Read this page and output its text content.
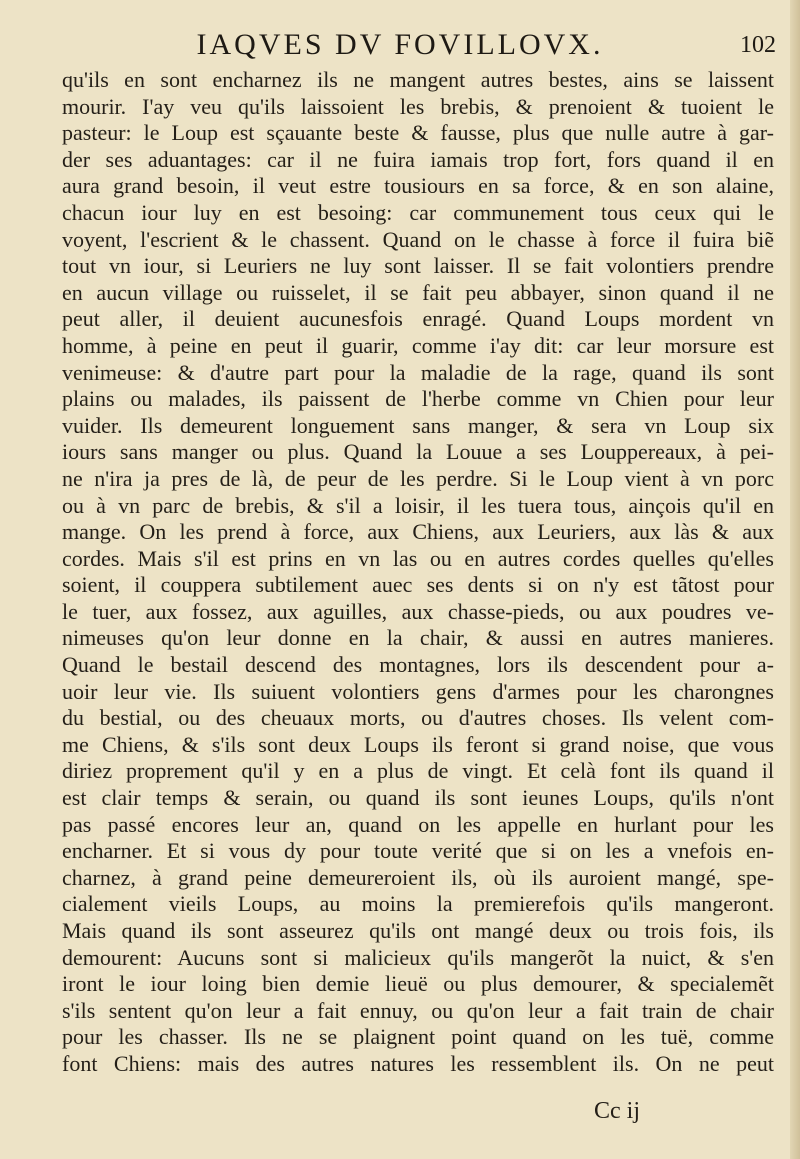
IAQVES DV FOVILLOVX.	102
qu'ils en sont encharnez ils ne mangent autres bestes, ains se laissent
mourir. I'ay veu qu'ils laissoient les brebis, & prenoient & tuoient le
pasteur: le Loup est sçauante beste & fausse, plus que nulle autre à gar-
der ses aduantages: car il ne fuira iamais trop fort, fors quand il en
aura grand besoin, il veut estre tousiours en sa force, & en son alaine,
chacun iour luy en est besoing: car communement tous ceux qui le
voyent, l'escrient & le chassent. Quand on le chasse à force il fuira biẽ
tout vn iour, si Leuriers ne luy sont laisser. Il se fait volontiers prendre
en aucun village ou ruisselet, il se fait peu abbayer, sinon quand il ne
peut aller, il deuient aucunesfois enragé. Quand Loups mordent vn
homme, à peine en peut il guarir, comme i'ay dit: car leur morsure est
venimeuse: & d'autre part pour la maladie de la rage, quand ils sont
plains ou malades, ils paissent de l'herbe comme vn Chien pour leur
vuider. Ils demeurent longuement sans manger, & sera vn Loup six
iours sans manger ou plus. Quand la Louue a ses Louppereaux, à pei-
ne n'ira ja pres de là, de peur de les perdre. Si le Loup vient à vn porc
ou à vn parc de brebis, & s'il a loisir, il les tuera tous, ainçois qu'il en
mange. On les prend à force, aux Chiens, aux Leuriers, aux làs & aux
cordes. Mais s'il est prins en vn las ou en autres cordes quelles qu'elles
soient, il couppera subtilement auec ses dents si on n'y est tãtost pour
le tuer, aux fossez, aux aguilles, aux chasse-pieds, ou aux poudres ve-
nimeuses qu'on leur donne en la chair, & aussi en autres manieres.
Quand le bestail descend des montagnes, lors ils descendent pour a-
uoir leur vie. Ils suiuent volontiers gens d'armes pour les charongnes
du bestial, ou des cheuaux morts, ou d'autres choses. Ils velent com-
me Chiens, & s'ils sont deux Loups ils feront si grand noise, que vous
diriez proprement qu'il y en a plus de vingt. Et celà font ils quand il
est clair temps & serain, ou quand ils sont ieunes Loups, qu'ils n'ont
pas passé encores leur an, quand on les appelle en hurlant pour les
encharner. Et si vous dy pour toute verité que si on les a vnefois en-
charnez, à grand peine demeureroient ils, où ils auroient mangé, spe-
cialement vieils Loups, au moins la premierefois qu'ils mangeront.
Mais quand ils sont asseurez qu'ils ont mangé deux ou trois fois, ils
demourent: Aucuns sont si malicieux qu'ils mangerõt la nuict, & s'en
iront le iour loing bien demie lieuë ou plus demourer, & specialemẽt
s'ils sentent qu'on leur a fait ennuy, ou qu'on leur a fait train de chair
pour les chasser. Ils ne se plaignent point quand on les tuë, comme
font Chiens: mais des autres natures les ressemblent ils. On ne peut
Cc ij
